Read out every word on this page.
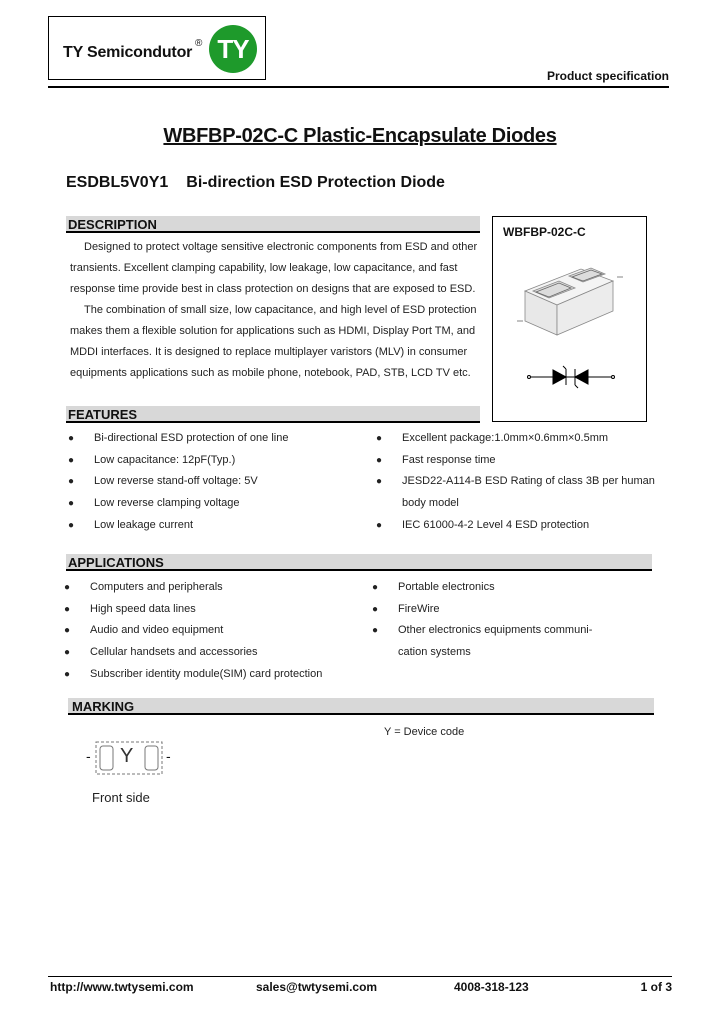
TY Semicondutor
® TY
Product specification
WBFBP-02C-C Plastic-Encapsulate Diodes
ESDBL5V0Y1 Bi-direction ESD Protection Diode
DESCRIPTION

Designed to protect voltage sensitive electronic components from ESD and other transients. Excellent clamping capability, low leakage, low capacitance, and fast response time provide best in class protection on designs that are exposed to ESD.

The combination of small size, low capacitance, and high level of ESD protection makes them a flexible solution for applications such as HDMI, Display Port TM, and MDDI interfaces. It is designed to replace multiplayer varistors (MLV) in consumer equipments applications such as mobile phone, notebook, PAD, STB, LCD TV etc.

WBFBP-02C-C
FEATURES
● Bi-directional ESD protection of one line
● Low capacitance: 12pF(Typ.)
● Low reverse stand-off voltage: 5V
● Low reverse clamping voltage
● Low leakage current
● Excellent package:1.0mm×0.6mm×0.5mm
● Fast response time
● JESD22-A114-B ESD Rating of class 3B per human body model
● IEC 61000-4-2 Level 4 ESD protection
APPLICATIONS
● Computers and peripherals
● High speed data lines
● Audio and video equipment
● Cellular handsets and accessories
● Subscriber identity module(SIM) card protection
● Portable electronics
● FireWire
● Other electronics equipments communi- cation systems
MARKING
Y = Device code
- Y -
Front side
http://www.twtysemi.com	sales@twtysemi.com	4008-318-123	1 of 3
